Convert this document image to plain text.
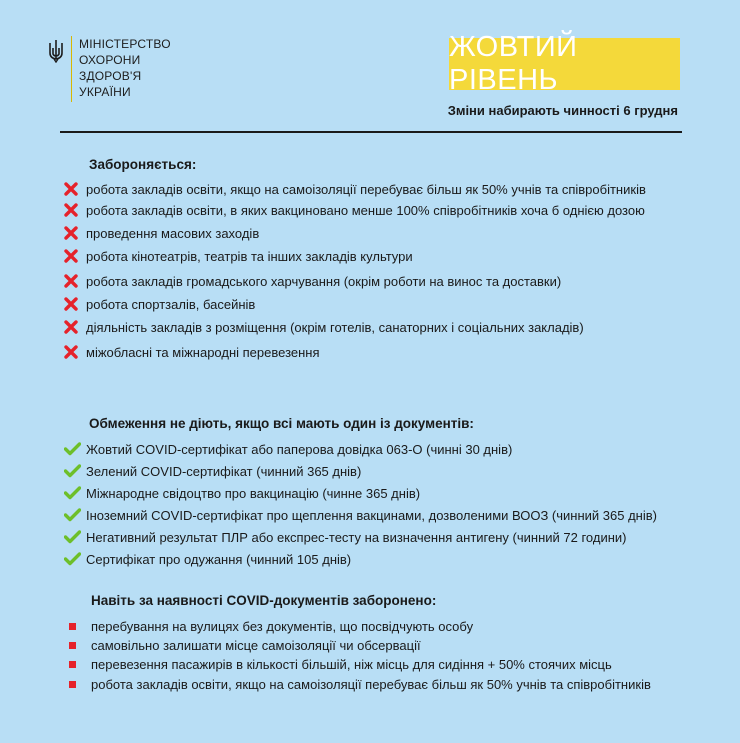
МІНІСТЕРСТВО
ОХОРОНИ
ЗДОРОВ'Я
УКРАЇНИ
ЖОВТИЙ РІВЕНЬ
Зміни набирають чинності 6 грудня
Забороняється:
робота закладів освіти, якщо на самоізоляції перебуває більш як 50% учнів та співробітників
робота закладів освіти, в яких вакциновано менше 100% співробітників хоча б однією дозою
проведення масових заходів
робота кінотеатрів, театрів та інших закладів культури
робота закладів громадського харчування (окрім роботи на винос та доставки)
робота спортзалів, басейнів
діяльність закладів з розміщення (окрім готелів, санаторних і соціальних закладів)
міжобласні та міжнародні перевезення
Обмеження не діють, якщо всі мають один із документів:
Жовтий COVID-сертифікат або паперова довідка 063-О (чинні 30 днів)
Зелений COVID-сертифікат (чинний 365 днів)
Міжнародне свідоцтво про вакцинацію (чинне 365 днів)
Іноземний COVID-сертифікат про щеплення вакцинами, дозволеними ВООЗ (чинний 365 днів)
Негативний результат ПЛР або експрес-тесту на визначення антигену (чинний 72 години)
Сертифікат про одужання (чинний 105 днів)
Навіть за наявності COVID-документів заборонено:
перебування на вулицях без документів, що посвідчують особу
самовільно залишати місце самоізоляції чи обсервації
перевезення пасажирів в кількості більшій, ніж місць для сидіння + 50% стоячих місць
робота закладів освіти, якщо на самоізоляції перебуває більш як 50% учнів та співробітників
